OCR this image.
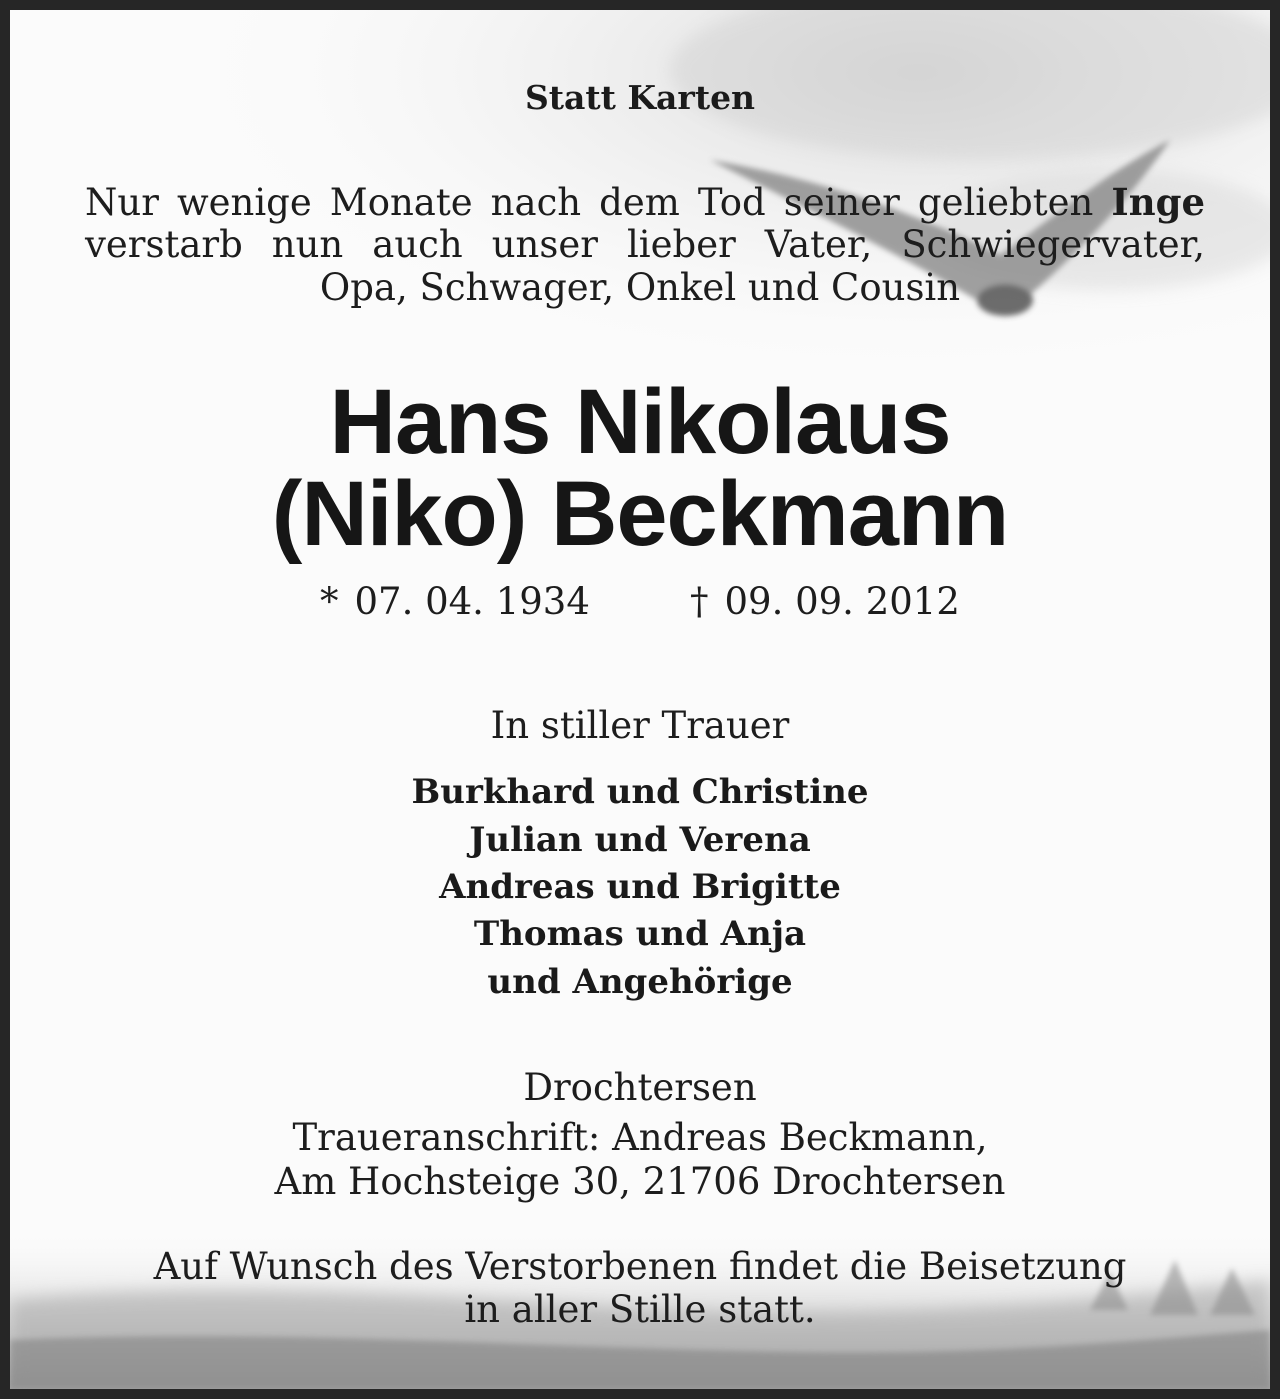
Statt Karten

Nur wenige Monate nach dem Tod seiner geliebten Inge

verstarb nun auch unser lieber Vater, Schwiegervater,

Opa, Schwager, Onkel und Cousin

Hans Nikolaus

(Niko) Beckmann

* 07. 04. 1934	† 09. 09. 2012

In stiller Trauer

Burkhard und Christine

Julian und Verena

Andreas und Brigitte

Thomas und Anja

und Angehörige

Drochtersen

Traueranschrift: Andreas Beckmann,

Am Hochsteige 30, 21706 Drochtersen

Auf Wunsch des Verstorbenen findet die Beisetzung

in aller Stille statt.
